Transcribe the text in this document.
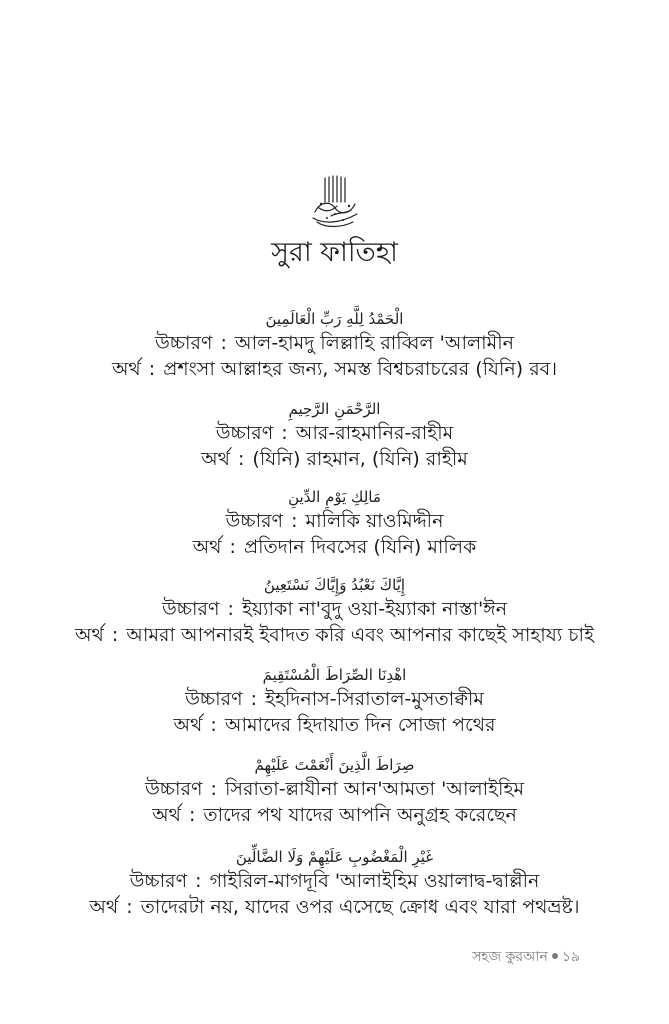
সুরা ফাতিহা
الْحَمْدُ لِلَّهِ رَبِّ الْعَالَمِينَ
উচ্চারণ : আল-হামদু লিল্লাহি রাব্বিল 'আলামীন
অর্থ : প্রশংসা আল্লাহর জন্য, সমস্ত বিশ্বচরাচরের (যিনি) রব।
الرَّحْمَنِ الرَّحِيمِ
উচ্চারণ : আর-রাহমানির-রাহীম
অর্থ : (যিনি) রাহমান, (যিনি) রাহীম
مَالِكِ يَوْمِ الدِّينِ
উচ্চারণ : মালিকি য়াওমিদ্দীন
অর্থ : প্রতিদান দিবসের (যিনি) মালিক
إِيَّاكَ نَعْبُدُ وَإِيَّاكَ نَسْتَعِينُ
উচ্চারণ : ইয়্যাকা না'বুদু ওয়া-ইয়্যাকা নাস্তা'ঈন
অর্থ : আমরা আপনারই ইবাদত করি এবং আপনার কাছেই সাহায্য চাই
اهْدِنَا الصِّرَاطَ الْمُسْتَقِيمَ
উচ্চারণ : ইহদিনাস-সিরাতাল-মুসতাক্বীম
অর্থ : আমাদের হিদায়াত দিন সোজা পথের
صِرَاطَ الَّذِينَ أَنْعَمْتَ عَلَيْهِمْ
উচ্চারণ : সিরাতা-ল্লাযীনা আন'আমতা 'আলাইহিম
অর্থ : তাদের পথ যাদের আপনি অনুগ্রহ করেছেন
غَيْرِ الْمَغْضُوبِ عَلَيْهِمْ وَلَا الضَّالِّينَ
উচ্চারণ : গাইরিল-মাগদূবি 'আলাইহিম ওয়ালাদ্ব-দ্বাল্লীন
অর্থ : তাদেরটা নয়, যাদের ওপর এসেছে ক্রোধ এবং যারা পথভ্রষ্ট।
সহজ কুরআন ১৯
